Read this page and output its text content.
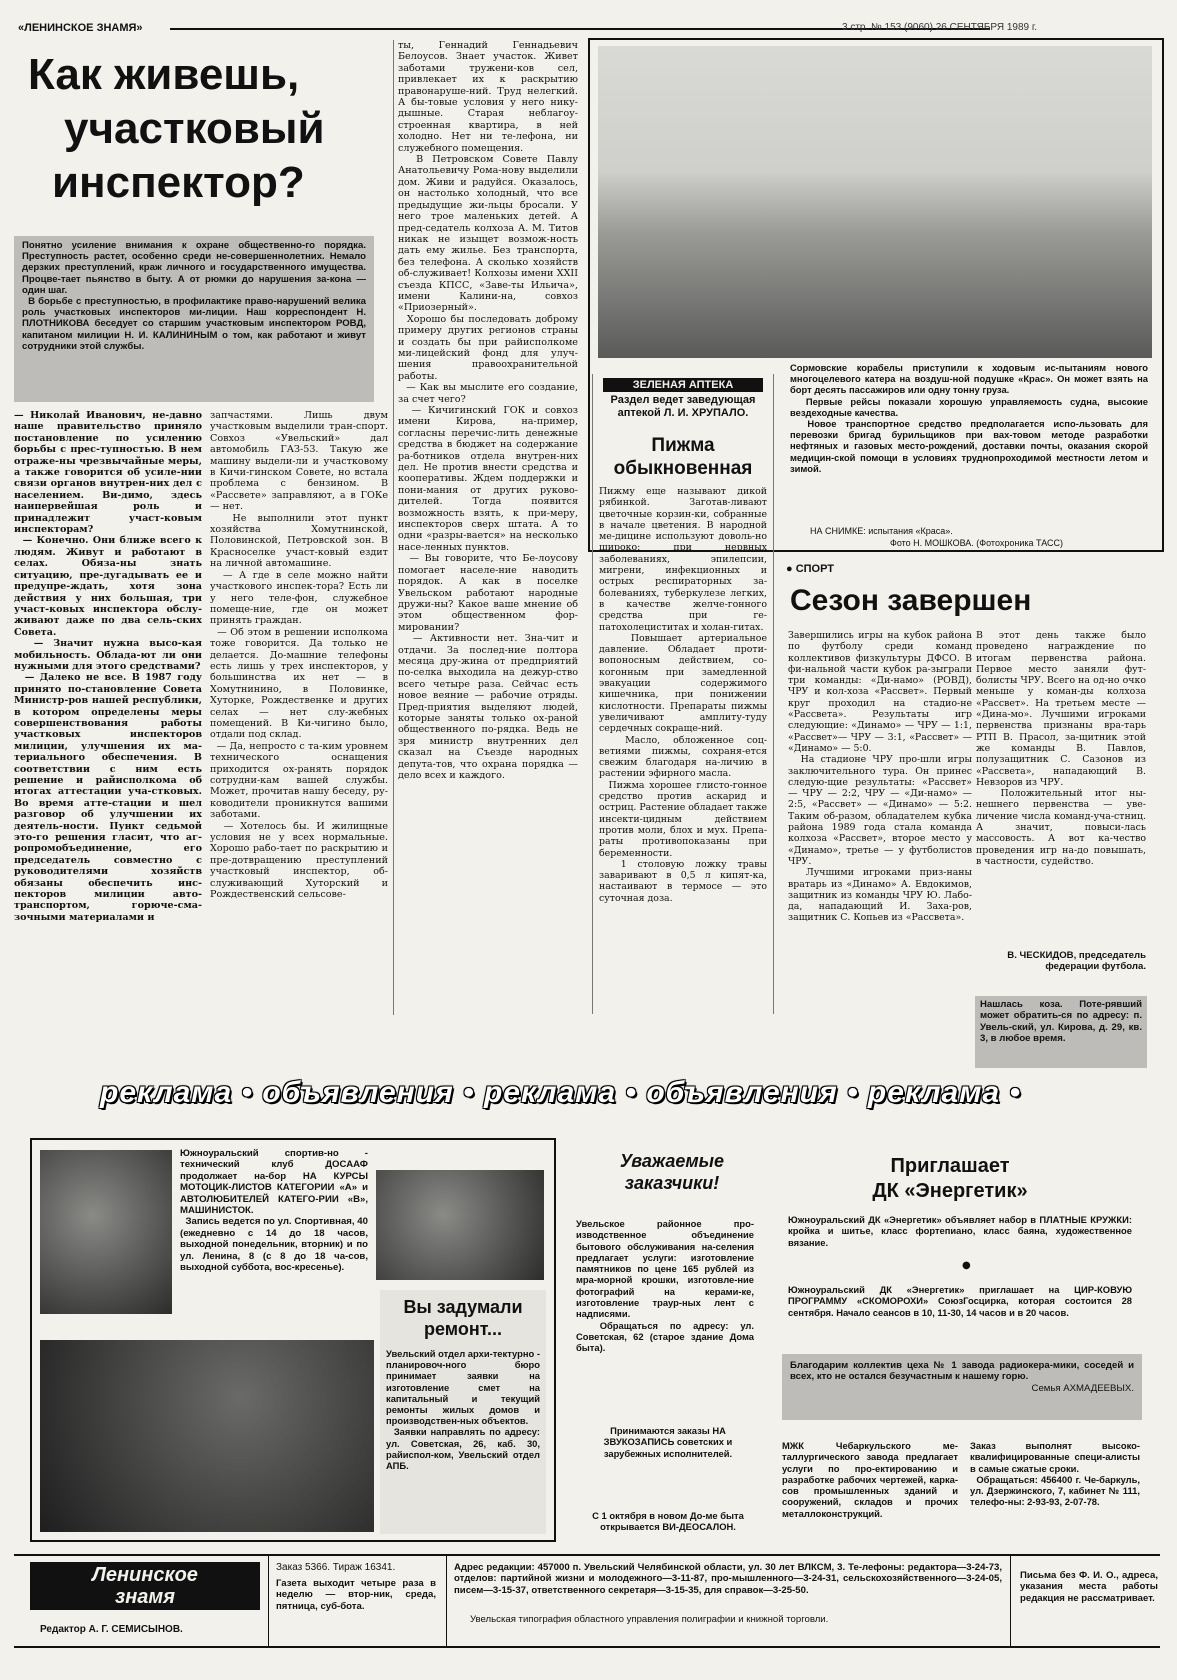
«ЛЕНИНСКОЕ ЗНАМЯ»	3 стр. № 153 (9060) 26 СЕНТЯБРЯ 1989 г.
Как живешь,
участковый
инспектор?

Понятно усиление внимания к охране общественно-го порядка. Преступность растет, особенно среди не-совершеннолетних. Немало дерзких преступлений, краж личного и государственного имущества. Процве-тает пьянство в быту. А от рюмки до нарушения за-кона — один шаг.
В борьбе с преступностью, в профилактике право-нарушений велика роль участковых инспекторов ми-лиции. Наш корреспондент Н. ПЛОТНИКОВА беседует со старшим участковым инспектором РОВД, капитаном милиции Н. И. КАЛИНИНЫМ о том, как работают и живут сотрудники этой службы.

— Николай Иванович, не-давно наше правительство приняло постановление по усилению борьбы с прес-тупностью. В нем отраже-ны чрезвычайные меры, а также говорится об усиле-нии связи органов внутрен-них дел с населением. Ви-димо, здесь наипервейшая роль и принадлежит участ-ковым инспекторам?
— Конечно. Они ближе всего к людям. Живут и работают в селах. Обяза-ны знать ситуацию, пре-дугадывать ее и предупре-ждать, хотя зона действия у них большая, три участ-ковых инспектора обслу-живают даже по два сель-ских Совета.
— Значит нужна высо-кая мобильность. Облада-ют ли они нужными для этого средствами?
— Далеко не все. В 1987 году принято по-становление Совета Министр-ров нашей республики, в котором определены меры совершенствования работы участковых инспекторов милиции, улучшения их ма-териального обеспечения. В соответствии с ним есть решение и райисполкома об итогах аттестации уча-стковых. Во время атте-стации и шел разговор об улучшении их деятель-ности. Пункт седьмой это-го решения гласит, что аг-ропромобъединение, его председатель совместно с руководителями хозяйств обязаны обеспечить инс-пекторов милиции авто-транспортом, горюче-сма-зочными материалами и

запчастями. Лишь двум участковым выделили тран-спорт. Совхоз «Увельский» дал автомобиль ГАЗ-53. Такую же машину выдели-ли и участковому в Кичи-гинском Совете, но встала проблема с бензином. В «Рассвете» заправляют, а в ГОКе — нет.
Не выполнили этот пункт хозяйства Хомутнинской, Половинской, Петровской зон. В Красноселке участ-ковый ездит на личной автомашине.
— А где в селе можно найти участкового инспек-тора? Есть ли у него теле-фон, служебное помеще-ние, где он может принять граждан.
— Об этом в решении исполкома тоже говорится. Да только не делается. До-машние телефоны есть лишь у трех инспекторов, у большинства их нет — в Хомутнинино, в Половинке, Хуторке, Рождественке и других селах — нет слу-жебных помещений. В Ки-чигино было, отдали под склад.
— Да, непросто с та-ким уровнем технического оснащения приходится ох-ранять порядок сотрудни-кам вашей службы. Может, прочитав нашу беседу, ру-ководители проникнутся вашими заботами.
— Хотелось бы. И жилищные условия не у всех нормальные. Хорошо рабо-тает по раскрытию и пре-дотвращению преступлений участковый инспектор, об-служивающий Хуторский и Рождественский сельсове-

ты, Геннадий Геннадьевич Белоусов. Знает участок. Живет заботами тружени-ков сел, привлекает их к раскрытию правонаруше-ний. Труд нелегкий. А бы-товые условия у него нику-дышные. Старая неблагоу-строенная квартира, в ней холодно. Нет ни те-лефона, ни служебного помещения.
В Петровском Совете Павлу Анатольевичу Рома-нову выделили дом. Живи и радуйся. Оказалось, он настолько холодный, что все предыдущие жи-льцы бросали. У него трое маленьких детей. А пред-седатель колхоза А. М. Титов никак не изыщет возмож-ность дать ему жилье. Без транспорта, без телефона. А сколько хозяйств об-служивает! Колхозы имени XXII съезда КПСС, «Заве-ты Ильича», имени Калини-на, совхоз «Приозерный».
Хорошо бы последовать доброму примеру других регионов страны и создать бы при райисполкоме ми-лицейский фонд для улуч-шения правоохранительной работы.
— Как вы мыслите его создание, за счет чего?
— Кичигинский ГОК и совхоз имени Кирова, на-пример, согласны перечис-лить денежные средства в бюджет на содержание ра-ботников отдела внутрен-них дел. Не против внести средства и кооперативы. Ждем поддержки и пони-мания от других руково-дителей. Тогда появится возможность взять, к при-меру, инспекторов сверх штата. А то одни «разры-вается» на несколько насе-ленных пунктов.
— Вы говорите, что Бе-лоусову помогает населе-ние наводить порядок. А как в поселке Увельском работают народные дружи-ны? Какое ваше мнение об этом общественном фор-мировании?
— Активности нет. Зна-чит и отдачи. За послед-ние полтора месяца дру-жина от предприятий по-селка выходила на дежур-ство всего четыре раза. Сейчас есть новое веяние — рабочие отряды. Пред-приятия выделяют людей, которые заняты только ох-раной общественного по-рядка. Ведь не зря министр внутренних дел сказал на Съезде народных депута-тов, что охрана порядка — дело всех и каждого.

Сормовские корабелы приступили к ходовым ис-пытаниям нового многоцелевого катера на воздуш-ной подушке «Крас». Он может взять на борт десять пассажиров или одну тонну груза.
Первые рейсы показали хорошую управляемость судна, высокие вездеходные качества.
Новое транспортное средство предполагается испо-льзовать для перевозки бригад бурильщиков при вах-товом методе разработки нефтяных и газовых место-рождений, доставки почты, оказания скорой медицин-ской помощи в условиях труднопроходимой местности летом и зимой.

НА СНИМКЕ: испытания «Краса».
Фото Н. МОШКОВА. (Фотохроника ТАСС)
ЗЕЛЕНАЯ АПТЕКА
Раздел ведет заведующая аптекой Л. И. ХРУПАЛО.
Пижма
обыкновенная

Пижму еще называют дикой рябинкой. Заготав-ливают цветочные корзин-ки, собранные в начале цветения. В народной ме-дицине используют доволь-но широко: при нервных заболеваниях, эпилепсии, мигрени, инфекционных и острых респираторных за-болеваниях, туберкулезе легких, в качестве желче-гонного средства при ге-патохолециститах и холан-гитах.
Повышает артериальное давление. Обладает проти-вопоносным действием, со-когонным при замедленной эвакуации содержимого кишечника, при понижении кислотности. Препараты пижмы увеличивают амплиту-туду сердечных сокраще-ний.
Масло, обложенное соц-ветиями пижмы, сохраня-ется свежим благодаря на-личию в растении эфирного масла.
Пижма хорошее глисто-гонное средство против аскарид и остриц. Растение обладает также инсекти-цидным действием против моли, блох и мух. Препа-раты противопоказаны при беременности.
1 столовую ложку травы заваривают в 0,5 л кипят-ка, настаивают в термосе — это суточная доза.

● СПОРТ
Сезон завершен

Завершились игры на кубок района по футболу среди команд коллективов физкультуры ДФСО. В фи-нальной части кубок ра-зыграли три команды: «Ди-намо» (РОВД), ЧРУ и кол-хоза «Рассвет». Первый круг проходил на стадио-не «Рассвета». Результаты игр следующие: «Динамо» — ЧРУ — 1:1, «Рассвет»— ЧРУ — 3:1, «Рассвет» — «Динамо» — 5:0.
На стадионе ЧРУ про-шли игры заключительного тура. Он принес следую-щие результаты: «Рассвет» — ЧРУ — 2:2, ЧРУ — «Ди-намо» — 2:5, «Рассвет» — «Динамо» — 5:2. Таким об-разом, обладателем кубка района 1989 года стала команда колхоза «Рассвет», второе место у «Динамо», третье — у футболистов ЧРУ.
Лучшими игроками приз-наны вратарь из «Динамо» А. Евдокимов, защитник из команды ЧРУ Ю. Лабо-да, нападающий И. Заха-ров, защитник С. Копьев из «Рассвета».

В этот день также было проведено награждение по итогам первенства района. Первое место заняли фут-болисты ЧРУ. Всего на од-но очко меньше у коман-ды колхоза «Рассвет». На третьем месте — «Дина-мо». Лучшими игроками первенства признаны вра-тарь РТП В. Прасол, за-щитник этой же команды В. Павлов, полузащитник С. Сазонов из «Рассвета», нападающий В. Невзоров из ЧРУ.
Положительный итог ны-нешнего первенства — уве-личение числа команд-уча-стниц. А значит, повыси-лась массовость. А вот ка-чество проведения игр на-до повышать, в частности, судейство.

В. ЧЕСКИДОВ, председатель федерации футбола.

Нашлась коза. Поте-рявший может обратить-ся по адресу: п. Увель-ский, ул. Кирова, д. 29, кв. 3, в любое время.

реклама • объявления • реклама • объявления • реклама •

Южноуральский спортив-но - технический клуб ДОСААФ продолжает на-бор НА КУРСЫ МОТОЦИК-ЛИСТОВ КАТЕГОРИИ «А» и АВТОЛЮБИТЕЛЕЙ КАТЕГО-РИИ «В», МАШИНИСТОК.
Запись ведется по ул. Спортивная, 40 (ежедневно с 14 до 18 часов, выходной понедельник, вторник) и по ул. Ленина, 8 (с 8 до 18 ча-сов, выходной суббота, вос-кресенье).

Вы задумали
ремонт...

Увельский отдел архи-тектурно - планировоч-ного бюро принимает заявки на изготовление смет на капитальный и текущий ремонты жилых домов и производствен-ных объектов.
Заявки направлять по адресу: ул. Советская, 26, каб. 30, райиспол-ком, Увельский отдел АПБ.

Уважаемые
заказчики!

Увельское районное про-изводственное объединение бытового обслуживания на-селения предлагает услуги: изготовление памятников по цене 165 рублей из мра-морной крошки, изготовле-ние фотографий на керами-ке, изготовление траур-ных лент с надписями.
Обращаться по адресу: ул. Советская, 62 (старое здание Дома быта).

Принимаются заказы НА ЗВУКОЗАПИСЬ советских и зарубежных исполнителей.

С 1 октября в новом До-ме быта открывается ВИ-ДЕОСАЛОН.

Приглашает
ДК «Энергетик»

Южноуральский ДК «Энергетик» объявляет набор в ПЛАТНЫЕ КРУЖКИ: кройка и шитье, класс фортепиано, класс баяна, художественное вязание.

●

Южноуральский ДК «Энергетик» приглашает на ЦИР-КОВУЮ ПРОГРАММУ «СКОМОРОХИ» СоюзГосцирка, которая состоится 28 сентября. Начало сеансов в 10, 11-30, 14 часов и в 20 часов.

Благодарим коллектив цеха № 1 завода радиокера-мики, соседей и всех, кто не остался безучастным к нашему горю.

Семья АХМАДЕЕВЫХ.

МЖК Чебаркульского ме-таллургического завода предлагает услуги по про-ектированию и разработке рабочих чертежей, карка-сов промышленных зданий и сооружений, складов и прочих металлоконструкций.

Заказ выполнят высоко-квалифицированные специ-алисты в самые сжатые сроки.
Обращаться: 456400 г. Че-баркуль, ул. Дзержинского, 7, кабинет № 111, телефо-ны: 2-93-93, 2-07-78.

Ленинское
знамя
Редактор А. Г. СЕМИСЫНОВ.
Заказ 5366. Тираж 16341.

Газета выходит четыре раза в неделю — втор-ник, среда, пятница, суб-бота.

Адрес редакции: 457000 п. Увельский Челябинской области, ул. 30 лет ВЛКСМ, 3. Те-лефоны: редактора—3-24-73, отделов: партийной жизни и молодежного—3-11-87, про-мышленного—3-24-31, сельскохозяйственного—3-24-05, писем—3-15-37, ответственного секретаря—3-15-35, для справок—3-25-50.

Увельская типография областного управления полиграфии и книжной торговли.

Письма без Ф. И. О., адреса, указания места работы редакция не рассматривает.
